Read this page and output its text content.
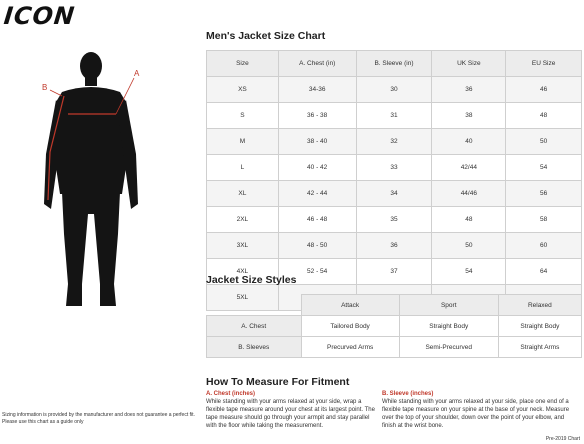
ICON
A
B
Men's Jacket Size Chart
Size	A. Chest (in)	B. Sleeve (in)	UK Size	EU Size
XS	34-36	30	36	46
S	36 - 38	31	38	48
M	38 - 40	32	40	50
L	40 - 42	33	42/44	54
XL	42 - 44	34	44/46	56
2XL	46 - 48	35	48	58
3XL	48 - 50	36	50	60
4XL	52 - 54	37	54	64
5XL				
Jacket Size Styles
	Attack	Sport	Relaxed
A. Chest	Tailored Body	Straight Body	Straight Body
B. Sleeves	Precurved Arms	Semi-Precurved	Straight Arms
How To Measure For Fitment
A. Chest (inches)
While standing with your arms relaxed at your side, wrap a flexible tape measure around your chest at its largest point. The tape measure should go through your armpit and stay parallel with the floor while taking the measurement.
B. Sleeve (inches)
While standing with your arms relaxed at your side, place one end of a flexible tape measure on your spine at the base of your neck. Measure over the top of your shoulder, down over the point of your elbow, and finish at the wrist bone.
Sizing information is provided by the manufacturer and does not guarantee a perfect fit.
Please use this chart as a guide only
Pre-2019 Chart
